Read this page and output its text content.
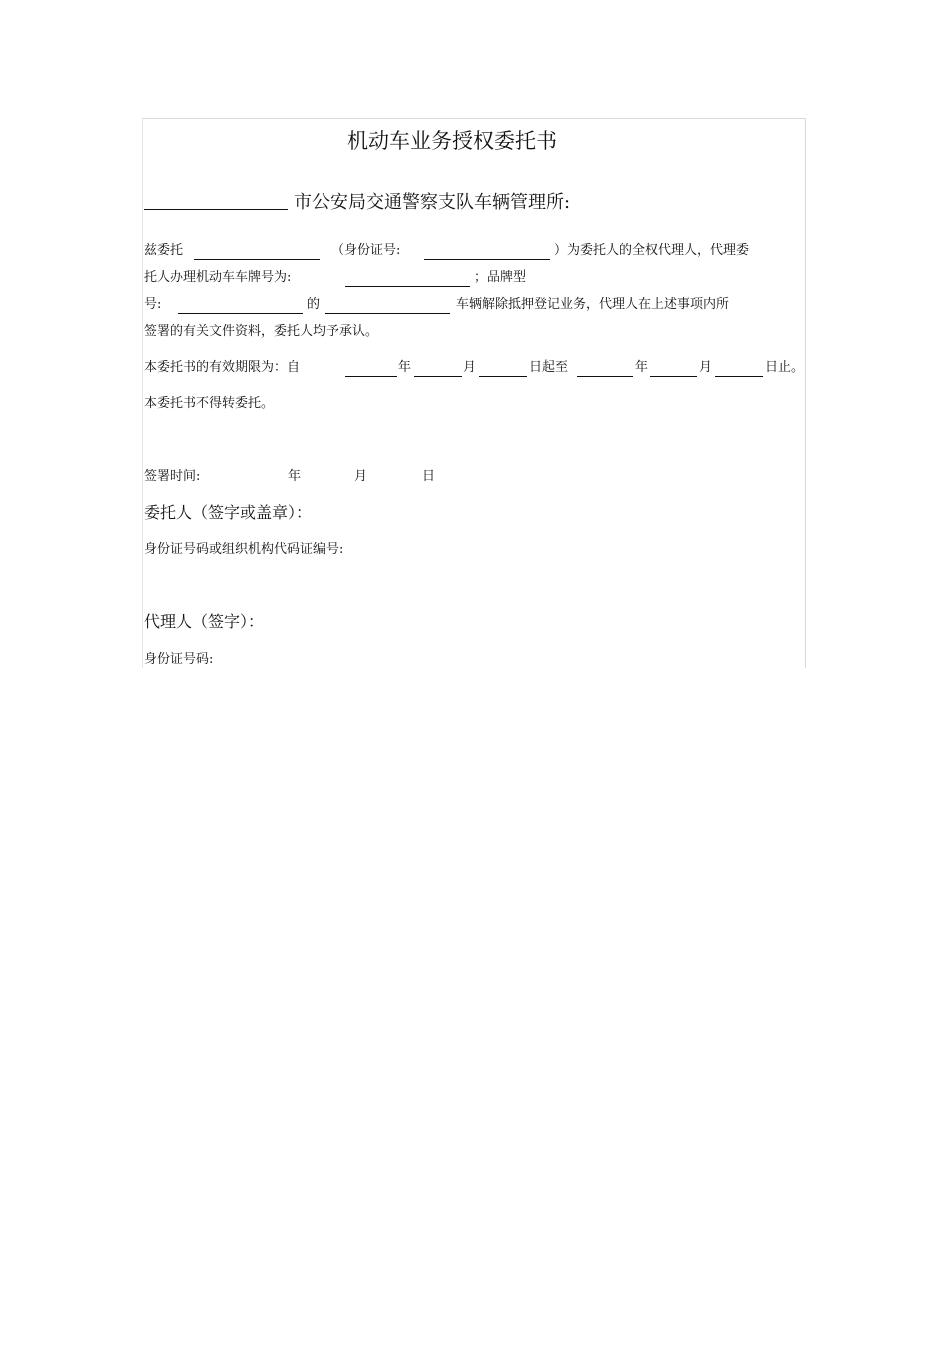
机动车业务授权委托书
市公安局交通警察支队车辆管理所:
兹委托	（身份证号:	）为委托人的全权代理人，代理委
托人办理机动车车牌号为:	；品牌型
号:	的	车辆解除抵押登记业务，代理人在上述事项内所
签署的有关文件资料，委托人均予承认。
本委托书的有效期限为：自	年	月	日起至	年	月	日止。
本委托书不得转委托。
签署时间:	年	月	日
委托人（签字或盖章）：
身份证号码或组织机构代码证编号:
代理人（签字）：
身份证号码:
